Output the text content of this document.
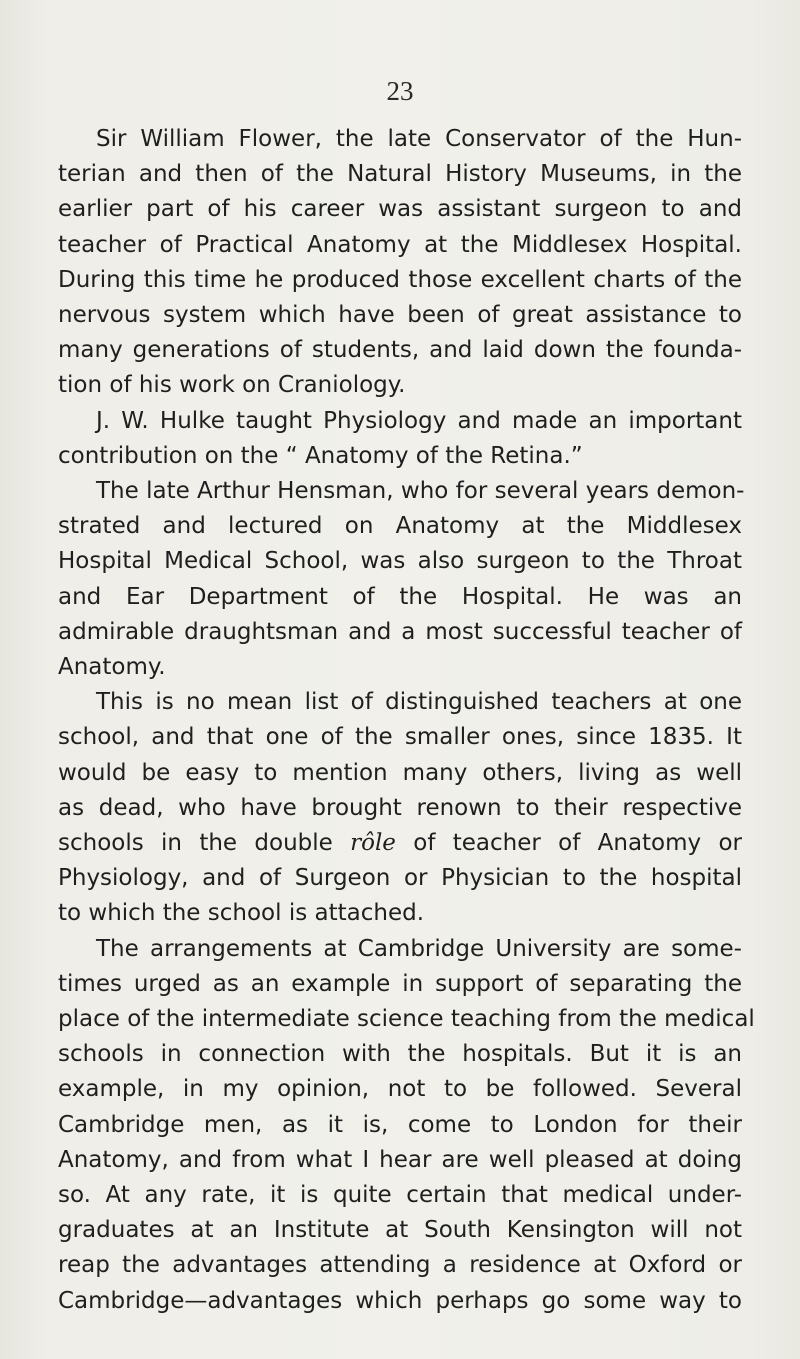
23
Sir William Flower, the late Conservator of the Hun-
terian and then of the Natural History Museums, in the
earlier part of his career was assistant surgeon to and
teacher of Practical Anatomy at the Middlesex Hospital.
During this time he produced those excellent charts of the
nervous system which have been of great assistance to
many generations of students, and laid down the founda-
tion of his work on Craniology.
J. W. Hulke taught Physiology and made an important
contribution on the “ Anatomy of the Retina.”
The late Arthur Hensman, who for several years demon-
strated and lectured on Anatomy at the Middlesex
Hospital Medical School, was also surgeon to the Throat
and Ear Department of the Hospital. He was an
admirable draughtsman and a most successful teacher of
Anatomy.
This is no mean list of distinguished teachers at one
school, and that one of the smaller ones, since 1835. It
would be easy to mention many others, living as well
as dead, who have brought renown to their respective
schools in the double rôle of teacher of Anatomy or
Physiology, and of Surgeon or Physician to the hospital
to which the school is attached.
The arrangements at Cambridge University are some-
times urged as an example in support of separating the
place of the intermediate science teaching from the medical
schools in connection with the hospitals. But it is an
example, in my opinion, not to be followed. Several
Cambridge men, as it is, come to London for their
Anatomy, and from what I hear are well pleased at doing
so. At any rate, it is quite certain that medical under-
graduates at an Institute at South Kensington will not
reap the advantages attending a residence at Oxford or
Cambridge—advantages which perhaps go some way to
